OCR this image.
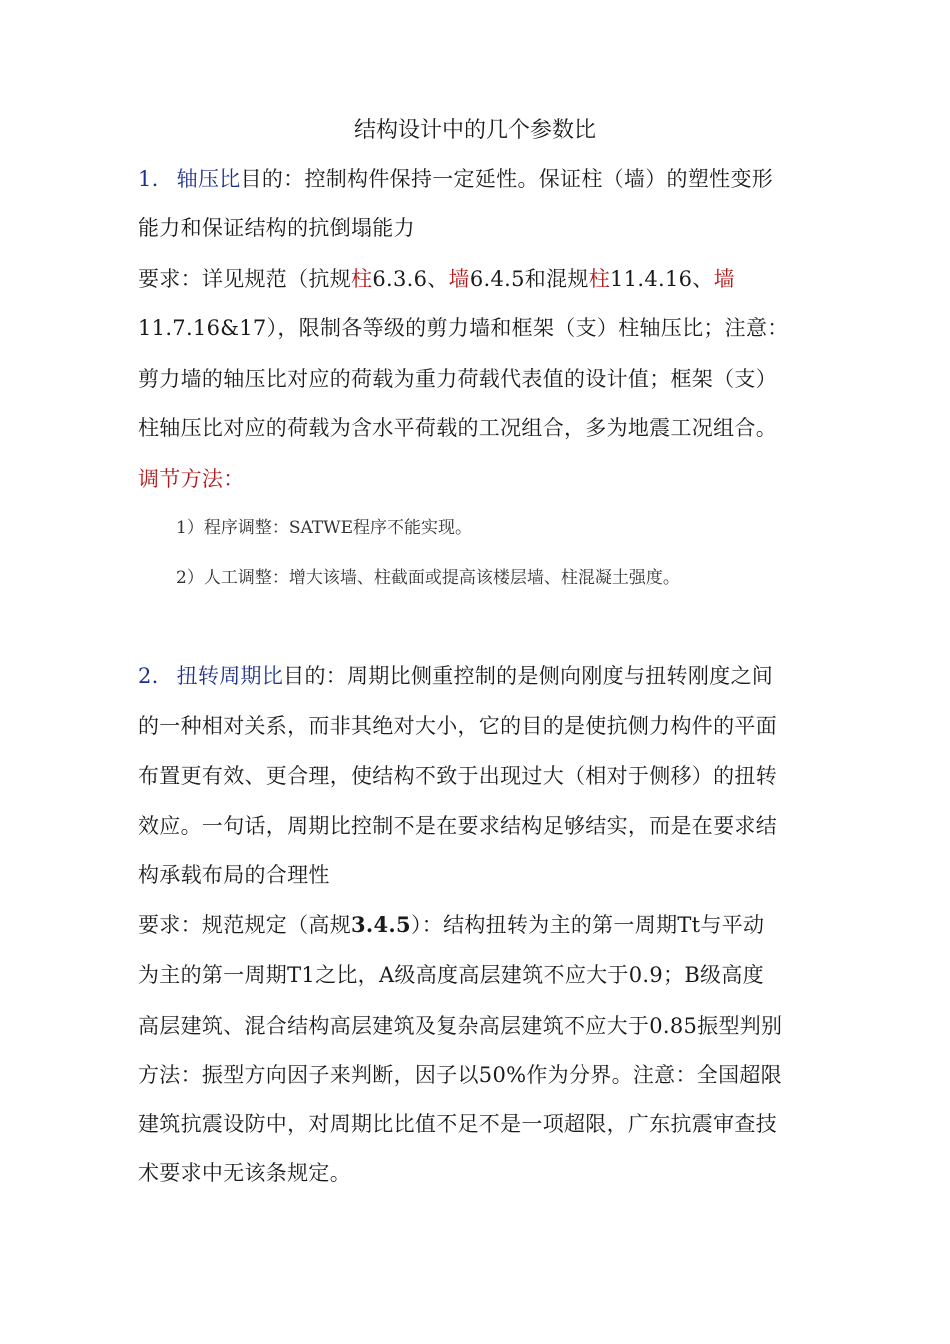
结构设计中的几个参数比
1. 轴压比目的：控制构件保持一定延性。保证柱（墙）的塑性变形
能力和保证结构的抗倒塌能力
要求：详见规范（抗规柱6.3.6、墙6.4.5和混规柱11.4.16、墙
11.7.16&17），限制各等级的剪力墙和框架（支）柱轴压比；注意：
剪力墙的轴压比对应的荷载为重力荷载代表值的设计值；框架（支）
柱轴压比对应的荷载为含水平荷载的工况组合，多为地震工况组合。
调节方法：
1）程序调整：SATWE程序不能实现。
2）人工调整：增大该墙、柱截面或提高该楼层墙、柱混凝土强度。
2. 扭转周期比目的：周期比侧重控制的是侧向刚度与扭转刚度之间
的一种相对关系，而非其绝对大小，它的目的是使抗侧力构件的平面
布置更有效、更合理，使结构不致于出现过大（相对于侧移）的扭转
效应。一句话，周期比控制不是在要求结构足够结实，而是在要求结
构承载布局的合理性
要求：规范规定（高规3.4.5）：结构扭转为主的第一周期Tt与平动
为主的第一周期T1之比，A级高度高层建筑不应大于0.9；B级高度
高层建筑、混合结构高层建筑及复杂高层建筑不应大于0.85振型判别
方法：振型方向因子来判断，因子以50%作为分界。注意：全国超限
建筑抗震设防中，对周期比比值不足不是一项超限，广东抗震审查技
术要求中无该条规定。
